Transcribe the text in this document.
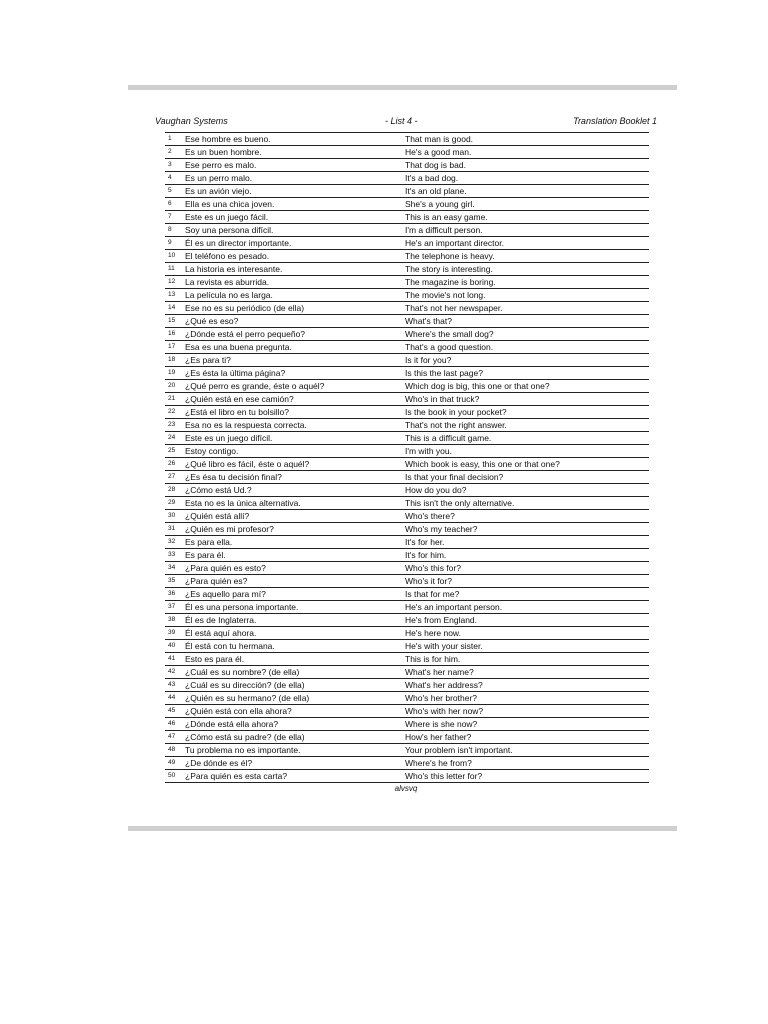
Vaughan Systems	- List 4 -	Translation Booklet 1
1	Ese hombre es bueno.	That man is good.
2	Es un buen hombre.	He's a good man.
3	Ese perro es malo.	That dog is bad.
4	Es un perro malo.	It's a bad dog.
5	Es un avión viejo.	It's an old plane.
6	Ella es una chica joven.	She's a young girl.
7	Este es un juego fácil.	This is an easy game.
8	Soy una persona difícil.	I'm a difficult person.
9	Él es un director importante.	He's an important director.
10	El teléfono es pesado.	The telephone is heavy.
11	La historia es interesante.	The story is interesting.
12	La revista es aburrida.	The magazine is boring.
13	La película no es larga.	The movie's not long.
14	Ese no es su periódico (de ella)	That's not her newspaper.
15	¿Qué es eso?	What's that?
16	¿Dónde está el perro pequeño?	Where's the small dog?
17	Esa es una buena pregunta.	That's a good question.
18	¿Es para ti?	Is it for you?
19	¿Es ésta la última página?	Is this the last page?
20	¿Qué perro es grande, éste o aquél?	Which dog is big, this one or that one?
21	¿Quién está en ese camión?	Who's in that truck?
22	¿Está el libro en tu bolsillo?	Is the book in your pocket?
23	Esa no es la respuesta correcta.	That's not the right answer.
24	Este es un juego difícil.	This is a difficult game.
25	Estoy contigo.	I'm with you.
26	¿Qué libro es fácil, éste o aquél?	Which book is easy, this one or that one?
27	¿Es ésa tu decisión final?	Is that your final decision?
28	¿Cómo está Ud.?	How do you do?
29	Esta no es la única alternativa.	This isn't the only alternative.
30	¿Quién está allí?	Who's there?
31	¿Quién es mi profesor?	Who's my teacher?
32	Es para ella.	It's for her.
33	Es para él.	It's for him.
34	¿Para quién es esto?	Who's this for?
35	¿Para quién es?	Who's it for?
36	¿Es aquello para mí?	Is that for me?
37	Él es una persona importante.	He's an important person.
38	Él es de Inglaterra.	He's from England.
39	Él está aquí ahora.	He's here now.
40	Él está con tu hermana.	He's with your sister.
41	Esto es para él.	This is for him.
42	¿Cuál es su nombre? (de ella)	What's her name?
43	¿Cuál es su dirección? (de ella)	What's her address?
44	¿Quién es su hermano? (de ella)	Who's her brother?
45	¿Quién está con ella ahora?	Who's with her now?
46	¿Dónde está ella ahora?	Where is she now?
47	¿Cómo está su padre? (de ella)	How's her father?
48	Tu problema no es importante.	Your problem isn't important.
49	¿De dónde es él?	Where's he from?
50	¿Para quién es esta carta?	Who's this letter for?
alvsvq
